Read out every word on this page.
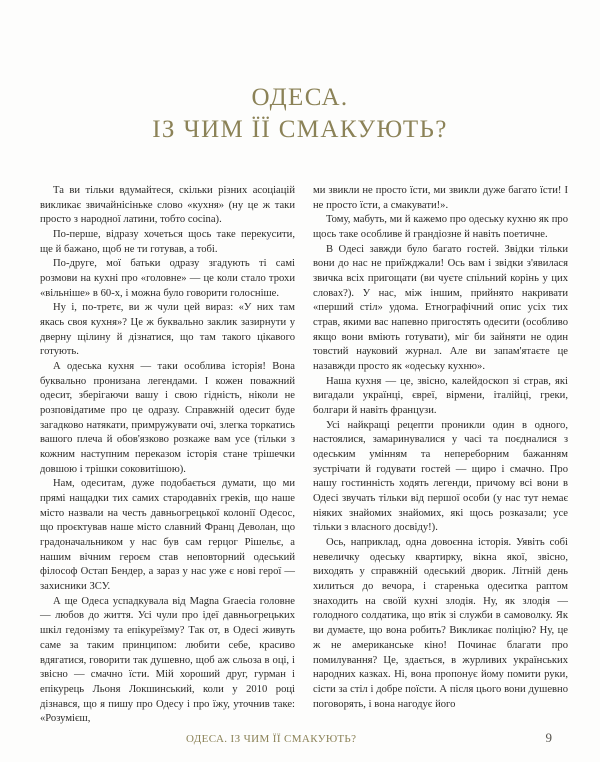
ОДЕСА.
ІЗ ЧИМ ЇЇ СМАКУЮТЬ?

Та ви тільки вдумайтеся, скільки різних асоціацій викликає звичайнісіньке слово «кухня» (ну це ж таки просто з народної латини, тобто cocina).

По-перше, відразу хочеться щось таке перекусити, ще й бажано, щоб не ти готував, а тобі.

По-друге, мої батьки одразу згадують ті самі розмови на кухні про «головне» — це коли стало трохи «вільніше» в 60-х, і можна було говорити голосніше.

Ну і, по-третє, ви ж чули цей вираз: «У них там якась своя кухня»? Це ж буквально заклик зазирнути у дверну щілину й дізнатися, що там такого цікавого готують.

А одеська кухня — таки особлива історія! Вона буквально пронизана легендами. І кожен поважний одесит, зберігаючи вашу і свою гідність, ніколи не розповідатиме про це одразу. Справжній одесит буде загадково натякати, примружувати очі, злегка торкатись вашого плеча й обов'язково розкаже вам усе (тільки з кожним наступним переказом історія стане трішечки довшою і трішки соковитішою).

Нам, одеситам, дуже подобається думати, що ми прямі нащадки тих самих стародавніх греків, що наше місто назвали на честь давньогрецької колонії Одесос, що проєктував наше місто славний Франц Деволан, що градоначальником у нас був сам герцог Рішельє, а нашим вічним героєм став неповторний одеський філософ Остап Бендер, а зараз у нас уже є нові герої — захисники ЗСУ.

А ще Одеса успадкувала від Magna Graecia головне — любов до життя. Усі чули про ідеї давньогрецьких шкіл гедонізму та епікуреїзму? Так от, в Одесі живуть саме за таким принципом: любити себе, красиво вдягатися, говорити так душевно, щоб аж сльоза в оці, і звісно — смачно їсти. Мій хороший друг, гурман і епікурець Льоня Локшинський, коли у 2010 році дізнався, що я пишу про Одесу і про їжу, уточнив таке: «Розумієш,

ми звикли не просто їсти, ми звикли дуже багато їсти! І не просто їсти, а смакувати!».

Тому, мабуть, ми й кажемо про одеську кухню як про щось таке особливе й грандіозне й навіть поетичне.

В Одесі завжди було багато гостей. Звідки тільки вони до нас не приїжджали! Ось вам і звідки з'явилася звичка всіх пригощати (ви чуєте спільний корінь у цих словах?). У нас, між іншим, прийнято накривати «перший стіл» удома. Етнографічний опис усіх тих страв, якими вас напевно пригостять одесити (особливо якщо вони вміють готувати), міг би зайняти не один товстий науковий журнал. Але ви запам'ятаєте це назавжди просто як «одеську кухню».

Наша кухня — це, звісно, калейдоскоп зі страв, які вигадали українці, євреї, вірмени, італійці, греки, болгари й навіть французи.

Усі найкращі рецепти проникли один в одного, настоялися, замаринувалися у часі та поєдналися з одеським умінням та непереборним бажанням зустрічати й годувати гостей — щиро і смачно. Про нашу гостинність ходять легенди, причому всі вони в Одесі звучать тільки від першої особи (у нас тут немає ніяких знайомих знайомих, які щось розказали; усе тільки з власного досвіду!).

Ось, наприклад, одна довоєнна історія. Уявіть собі невеличку одеську квартирку, вікна якої, звісно, виходять у справжній одеський дворик. Літній день хилиться до вечора, і старенька одеситка раптом знаходить на своїй кухні злодія. Ну, як злодія — голодного солдатика, що втік зі служби в самоволку. Як ви думаєте, що вона робить? Викликає поліцію? Ну, це ж не американське кіно! Починає благати про помилування? Це, здається, в журливих українських народних казках. Ні, вона пропонує йому помити руки, сісти за стіл і добре поїсти. А після цього вони душевно поговорять, і вона нагодує його

ОДЕСА. ІЗ ЧИМ ЇЇ СМАКУЮТЬ?	9
